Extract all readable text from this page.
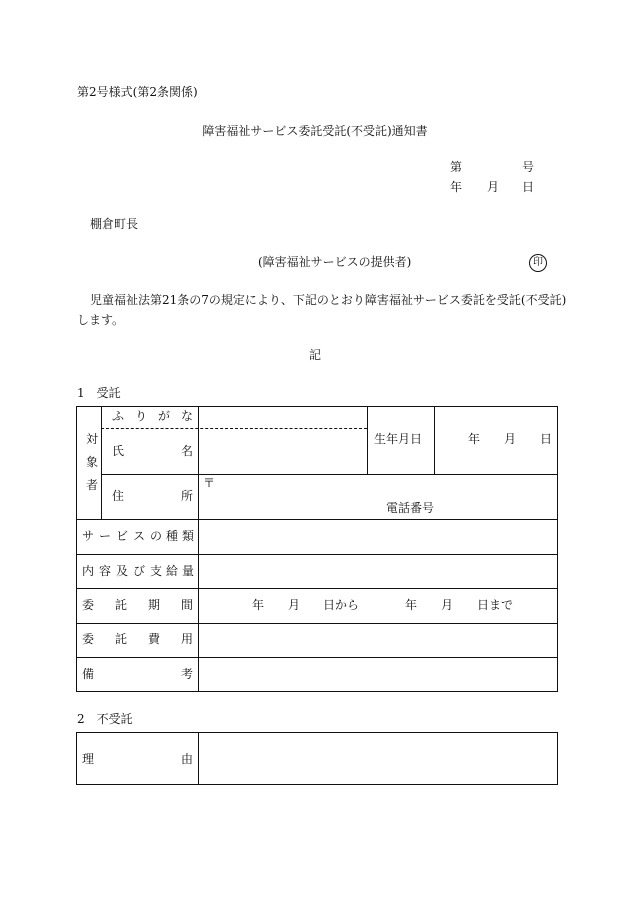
第2号様式(第2条関係)
障害福祉サービス委託受託(不受託)通知書
第	号
年 月 日
棚倉町長
(障害福祉サービスの提供者)	印
児童福祉法第21条の7の規定により、下記のとおり障害福祉サービス委託を受託(不受託)
します。
記
1　受託
対
象
者
ふ り が な
氏	名
生年月日	年 月 日
住	所
〒
電話番号
サ ー ビ ス の 種 類
内 容 及 び 支 給 量
委 託 期 間	年 月 日から	年 月 日まで
委 託 費 用
備	考
2　不受託
理	由
